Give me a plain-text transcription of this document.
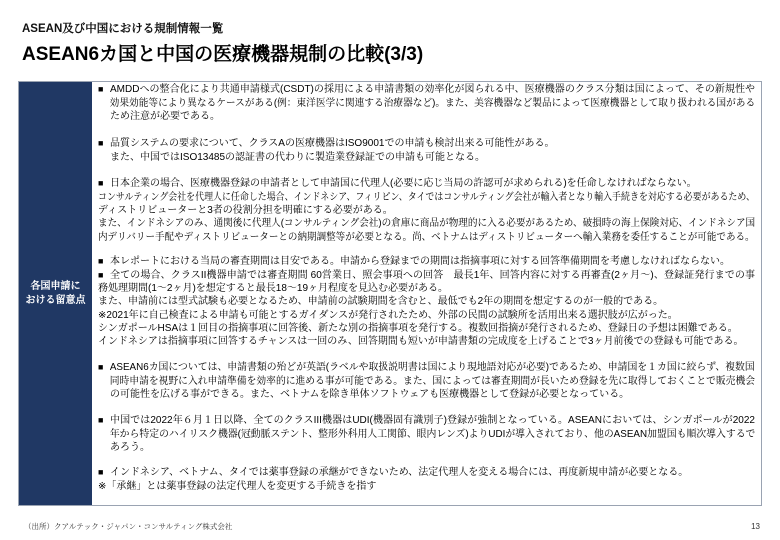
ASEAN及び中国における規制情報一覧
ASEAN6カ国と中国の医療機器規制の比較(3/3)
各国申請に
おける留意点
■ AMDDへの整合化により共通申請様式(CSDT)の採用による申請書類の効率化が図られる中、医療機器のクラス分類は国によって、その新規性や
効果効能等により異なるケースがある(例：東洋医学に関連する治療器など)。また、美容機器など製品によって医療機器として取り扱われる国がある
ため注意が必要である。
■ 品質システムの要求について、クラスAの医療機器はISO9001での申請も検討出来る可能性がある。
また、中国ではISO13485の認証書の代わりに製造業登録証での申請も可能となる。
■ 日本企業の場合、医療機器登録の申請者として申請国に代理人(必要に応じ当局の許認可が求められる)を任命しなければならない。
コンサルティング会社を代理人に任命した場合、インドネシア、フィリピン、タイではコンサルティング会社が輸入者となり輸入手続きを対応する必要があるため、
ディストリビューターと3者の役割分担を明確にする必要がある。
また、インドネシアのみ、通関後に代理人(コンサルティング会社)の倉庫に商品が物理的に入る必要があるため、破損時の海上保険対応、インドネシア国
内デリバリー手配やディストリビューターとの納期調整等が必要となる。尚、ベトナムはディストリビューターへ輸入業務を委任することが可能である。
■ 本レポートにおける当局の審査期間は目安である。申請から登録までの期間は指摘事項に対する回答準備期間を考慮しなければならない。
■ 全ての場合、クラスII機器申請では審査期間 60営業日、照会事項への回答　最長1年、回答内容に対する再審査(2ヶ月～)、登録証発行までの事
務処理期間(1～2ヶ月)を想定すると最長18～19ヶ月程度を見込む必要がある。
また、申請前には型式試験も必要となるため、申請前の試験期間を含むと、最低でも2年の期間を想定するのが一般的である。
※2021年に自己検査による申請も可能とするガイダンスが発行されたため、外部の民間の試験所を活用出来る選択肢が広がった。
シンガポールHSAは１回目の指摘事項に回答後、新たな別の指摘事項を発行する。複数回指摘が発行されるため、登録日の予想は困難である。
インドネシアは指摘事項に回答するチャンスは一回のみ、回答期間も短いが申請書類の完成度を上げることで3ヶ月前後での登録も可能である。
■ ASEAN6カ国については、申請書類の殆どが英語(ラベルや取扱説明書は国により現地語対応が必要)であるため、申請国を１カ国に絞らず、複数国
同時申請を視野に入れ申請準備を効率的に進める事が可能である。また、国によっては審査期間が長いため登録を先に取得しておくことで販売機会
の可能性を広げる事ができる。また、ベトナムを除き単体ソフトウェアも医療機器として登録が必要となっている。
■ 中国では2022年６月１日以降、全てのクラスIII機器はUDI(機器固有識別子)登録が強制となっている。ASEANにおいては、シンガポールが2022
年から特定のハイリスク機器(冠動脈ステント、整形外科用人工関節、眼内レンズ)よりUDIが導入されており、他のASEAN加盟国も順次導入するで
あろう。
■ インドネシア、ベトナム、タイでは薬事登録の承継ができないため、法定代理人を変える場合には、再度新規申請が必要となる。
※「承継」とは薬事登録の法定代理人を変更する手続きを指す
（出所）クアルテック・ジャパン・コンサルティング株式会社	13
